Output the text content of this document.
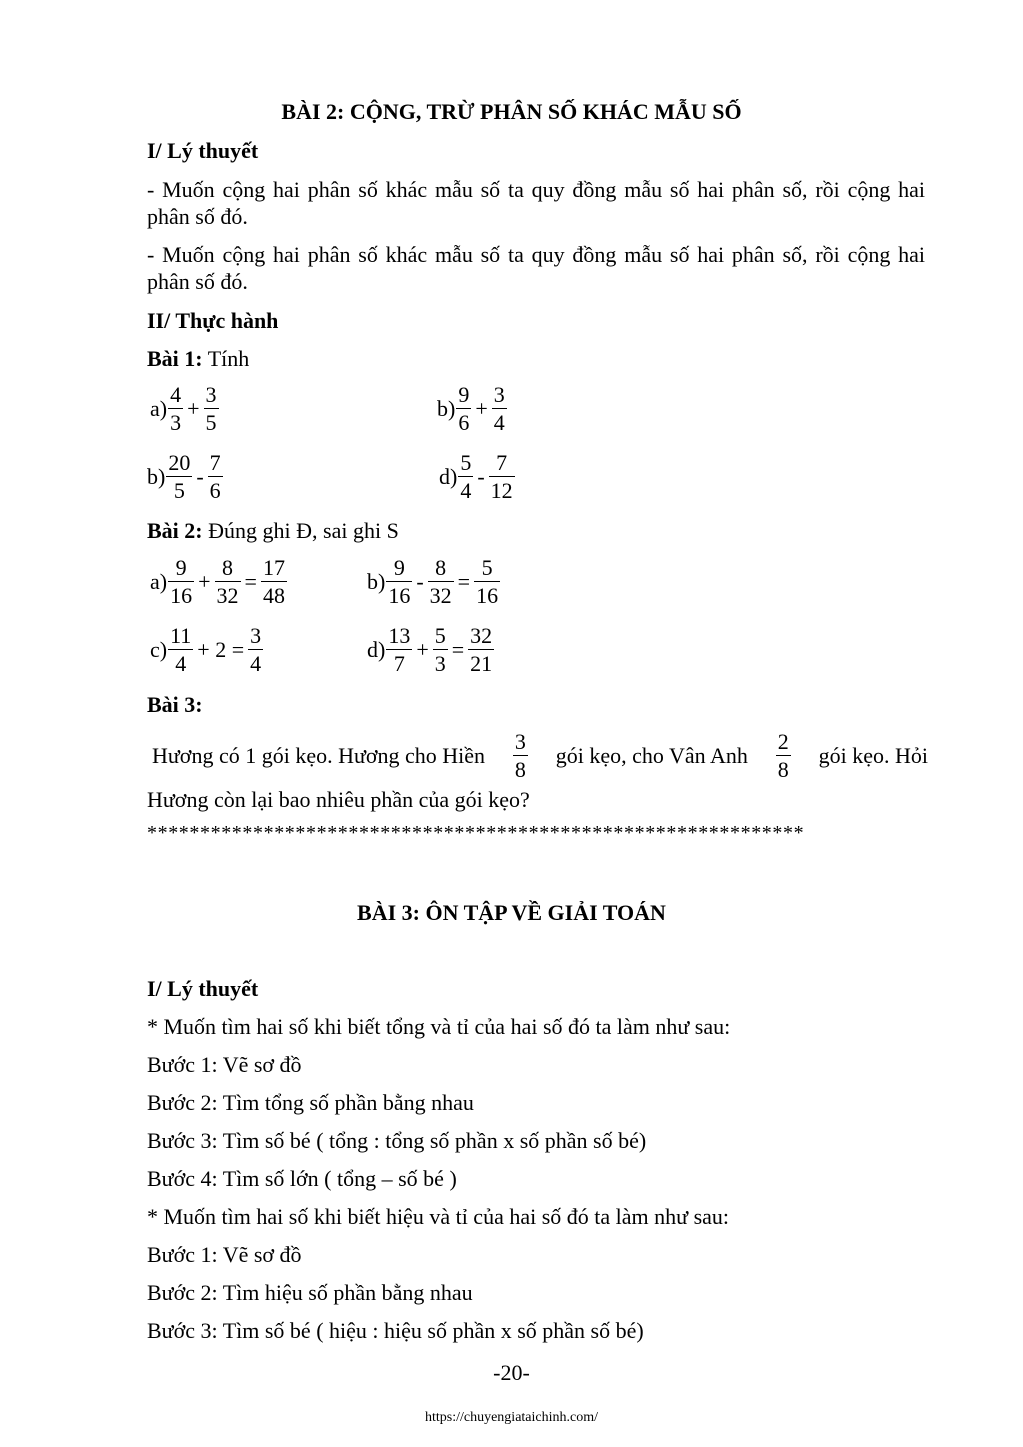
BÀI 2: CỘNG, TRỪ PHÂN SỐ KHÁC MẪU SỐ
I/ Lý thuyết
- Muốn cộng hai phân số khác mẫu số ta quy đồng mẫu số hai phân số, rồi cộng hai phân số đó.
- Muốn cộng hai phân số khác mẫu số ta quy đồng mẫu số hai phân số, rồi cộng hai phân số đó.
II/ Thực hành
Bài 1: Tính
$a) \frac{4}{3} + \frac{3}{5}$	$b) \frac{9}{6} + \frac{3}{4}$
$b) \frac{20}{5} - \frac{7}{6}$	$d) \frac{5}{4} - \frac{7}{12}$
Bài 2: Đúng ghi Đ, sai ghi S
$a) \frac{9}{16} + \frac{8}{32} = \frac{17}{48}$	$b) \frac{9}{16} - \frac{8}{32} = \frac{5}{16}$
$c) \frac{11}{4} + 2 = \frac{3}{4}$	$d) \frac{13}{7} + \frac{5}{3} = \frac{32}{21}$
Bài 3:
Hương có 1 gói kẹo. Hương cho Hiền $\frac{3}{8}$ gói kẹo, cho Vân Anh $\frac{2}{8}$ gói kẹo. Hỏi
Hương còn lại bao nhiêu phần của gói kẹo?
**************************************************************
BÀI 3: ÔN TẬP VỀ GIẢI TOÁN
I/ Lý thuyết
* Muốn tìm hai số khi biết tổng và tỉ của hai số đó ta làm như sau:
Bước 1: Vẽ sơ đồ
Bước 2: Tìm tổng số phần bằng nhau
Bước 3: Tìm số bé ( tổng : tổng số phần x số phần số bé)
Bước 4: Tìm số lớn ( tổng – số bé )
* Muốn tìm hai số khi biết hiệu và tỉ của hai số đó ta làm như sau:
Bước 1: Vẽ sơ đồ
Bước 2: Tìm hiệu số phần bằng nhau
Bước 3: Tìm số bé ( hiệu : hiệu số phần x số phần số bé)
-20-
https://chuyengiataichinh.com/
